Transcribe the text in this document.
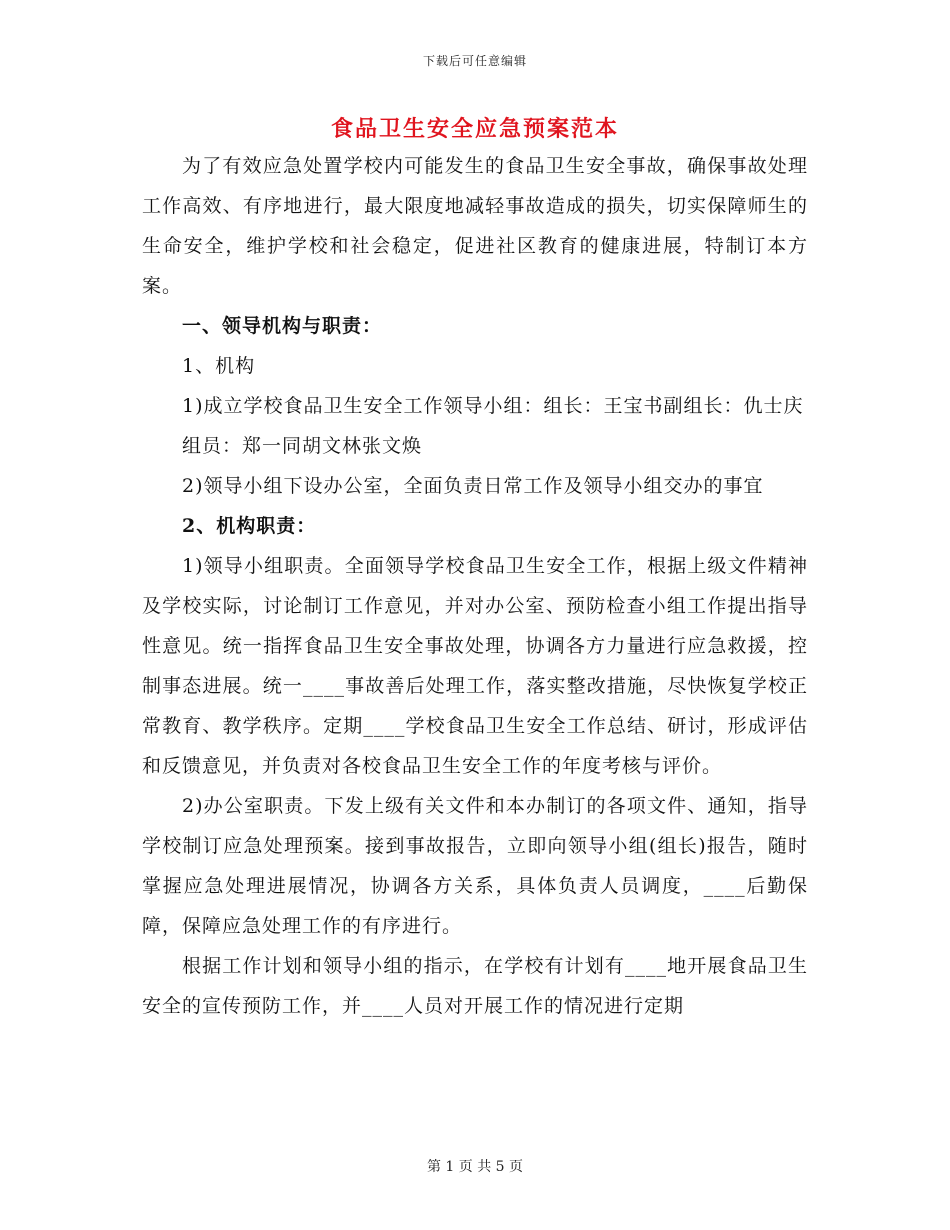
下载后可任意编辑
食品卫生安全应急预案范本

为了有效应急处置学校内可能发生的食品卫生安全事故，确保事故处理工作高效、有序地进行，最大限度地减轻事故造成的损失，切实保障师生的生命安全，维护学校和社会稳定，促进社区教育的健康进展，特制订本方案。

一、领导机构与职责：

1、机构

1)成立学校食品卫生安全工作领导小组：组长：王宝书副组长：仇士庆

组员：郑一同胡文林张文焕

2)领导小组下设办公室，全面负责日常工作及领导小组交办的事宜

2、机构职责：

1)领导小组职责。全面领导学校食品卫生安全工作，根据上级文件精神及学校实际，讨论制订工作意见，并对办公室、预防检查小组工作提出指导性意见。统一指挥食品卫生安全事故处理，协调各方力量进行应急救援，控制事态进展。统一____事故善后处理工作，落实整改措施，尽快恢复学校正常教育、教学秩序。定期____学校食品卫生安全工作总结、研讨，形成评估和反馈意见，并负责对各校食品卫生安全工作的年度考核与评价。

2)办公室职责。下发上级有关文件和本办制订的各项文件、通知，指导学校制订应急处理预案。接到事故报告，立即向领导小组(组长)报告，随时掌握应急处理进展情况，协调各方关系，具体负责人员调度，____后勤保障，保障应急处理工作的有序进行。

根据工作计划和领导小组的指示，在学校有计划有____地开展食品卫生安全的宣传预防工作，并____人员对开展工作的情况进行定期

第 1 页 共 5 页
